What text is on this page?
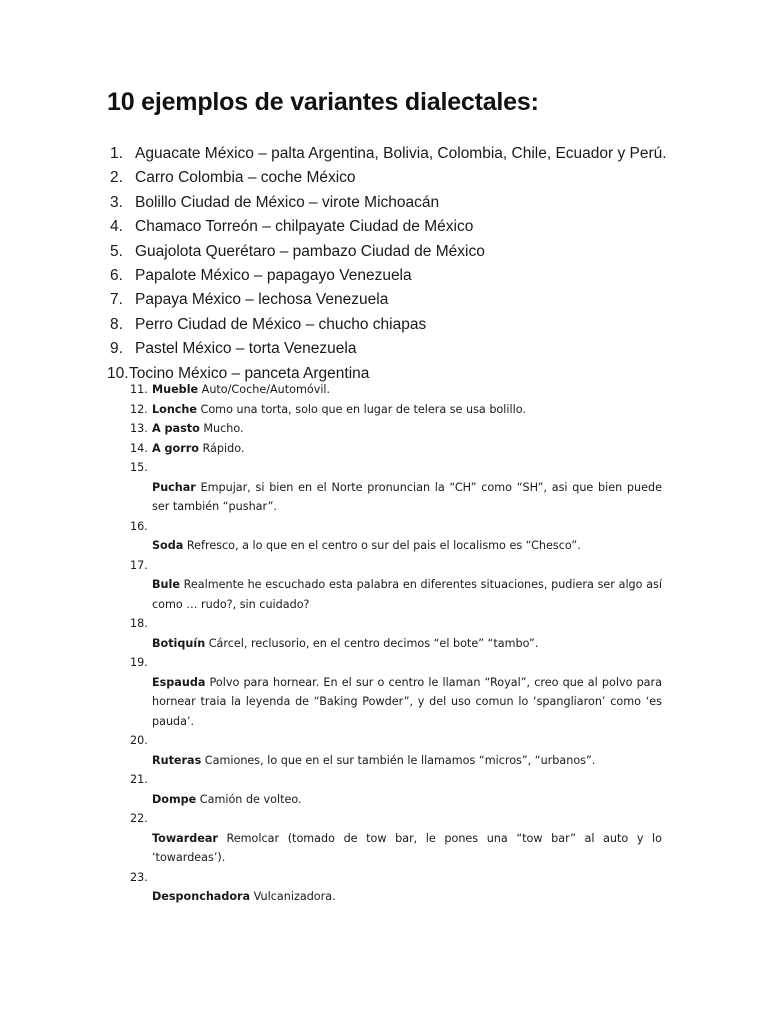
10 ejemplos de variantes dialectales:
1. Aguacate México – palta Argentina, Bolivia, Colombia, Chile, Ecuador y Perú.
2. Carro Colombia – coche México
3. Bolillo Ciudad de México – virote Michoacán
4. Chamaco Torreón – chilpayate Ciudad de México
5. Guajolota Querétaro – pambazo Ciudad de México
6. Papalote México – papagayo Venezuela
7. Papaya México – lechosa Venezuela
8. Perro Ciudad de México – chucho chiapas
9. Pastel México – torta Venezuela
10.Tocino México – panceta Argentina
11. Mueble Auto/Coche/Automóvil.
12. Lonche Como una torta, solo que en lugar de telera se usa bolillo.
13. A pasto Mucho.
14. A gorro Rápido.
15.
Puchar Empujar, si bien en el Norte pronuncian la “CH” como “SH”, asi que bien puede ser también “pushar”.
16.
Soda Refresco, a lo que en el centro o sur del pais el localismo es “Chesco”.
17.
Bule Realmente he escuchado esta palabra en diferentes situaciones, pudiera ser algo así como … rudo?, sin cuidado?
18.
Botiquín Cárcel, reclusorio, en el centro decimos “el bote” “tambo”.
19.
Espauda Polvo para hornear. En el sur o centro le llaman “Royal”, creo que al polvo para hornear traia la leyenda de “Baking Powder”, y del uso comun lo ‘spangliaron’ como ‘es pauda’.
20.
Ruteras Camiones, lo que en el sur también le llamamos “micros”, “urbanos”.
21.
Dompe Camión de volteo.
22.
Towardear Remolcar (tomado de tow bar, le pones una “tow bar” al auto y lo ‘towardeas’).
23.
Desponchadora Vulcanizadora.
